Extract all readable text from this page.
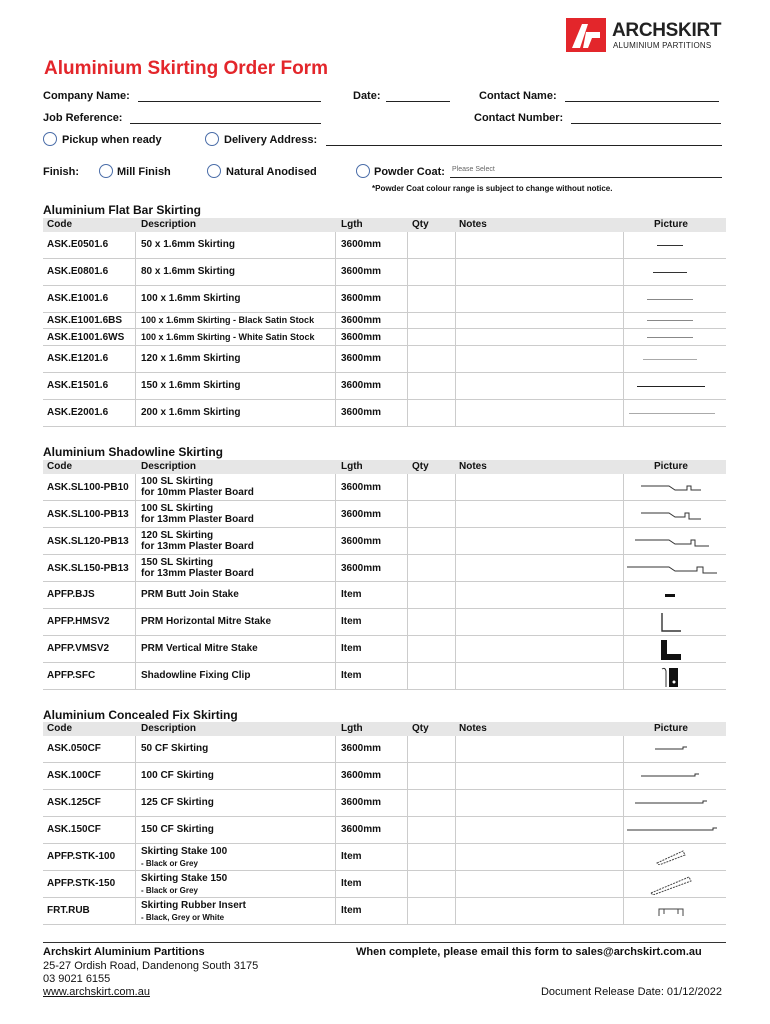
ARCHSKIRT
ALUMINIUM PARTITIONS
Aluminium Skirting Order Form
Company Name:	Date:	Contact Name:
Job Reference:	Contact Number:
Pickup when ready	Delivery Address:
Finish:	Mill Finish	Natural Anodised	Powder Coat: Please Select
*Powder Coat colour range is subject to change without notice.
Aluminium Flat Bar Skirting
Code	Description	Lgth	Qty	Notes	Picture
ASK.E0501.6	50 x 1.6mm Skirting	3600mm
ASK.E0801.6	80 x 1.6mm Skirting	3600mm
ASK.E1001.6	100 x 1.6mm Skirting	3600mm
ASK.E1001.6BS 100 x 1.6mm Skirting - Black Satin Stock	3600mm
ASK.E1001.6WS 100 x 1.6mm Skirting - White Satin Stock	3600mm
ASK.E1201.6	120 x 1.6mm Skirting	3600mm
ASK.E1501.6	150 x 1.6mm Skirting	3600mm
ASK.E2001.6	200 x 1.6mm Skirting	3600mm
Aluminium Shadowline Skirting
Code	Description	Lgth	Qty	Notes	Picture
ASK.SL100-PB10
100 SL Skirting
for 10mm Plaster Board	3600mm
ASK.SL100-PB13
100 SL Skirting
for 13mm Plaster Board	3600mm
ASK.SL120-PB13
120 SL Skirting
for 13mm Plaster Board	3600mm
ASK.SL150-PB13
150 SL Skirting
for 13mm Plaster Board	3600mm
APFP.BJS	PRM Butt Join Stake	Item
APFP.HMSV2	PRM Horizontal Mitre Stake	Item
APFP.VMSV2	PRM Vertical Mitre Stake	Item
APFP.SFC	Shadowline Fixing Clip	Item
Aluminium Concealed Fix Skirting
Code	Description	Lgth	Qty	Notes	Picture
ASK.050CF	50 CF Skirting	3600mm
ASK.100CF	100 CF Skirting	3600mm
ASK.125CF	125 CF Skirting	3600mm
ASK.150CF	150 CF Skirting	3600mm
APFP.STK-100	Skirting Stake 100
- Black or Grey
Item
APFP.STK-150	Skirting Stake 150
- Black or Grey
Item
FRT.RUB	Skirting Rubber Insert
- Black, Grey or White
Item
Archskirt Aluminium Partitions
25-27 Ordish Road, Dandenong South 3175
03 9021 6155
www.archskirt.com.au
When complete, please email this form to sales@archskirt.com.au
Document Release Date: 01/12/2022
